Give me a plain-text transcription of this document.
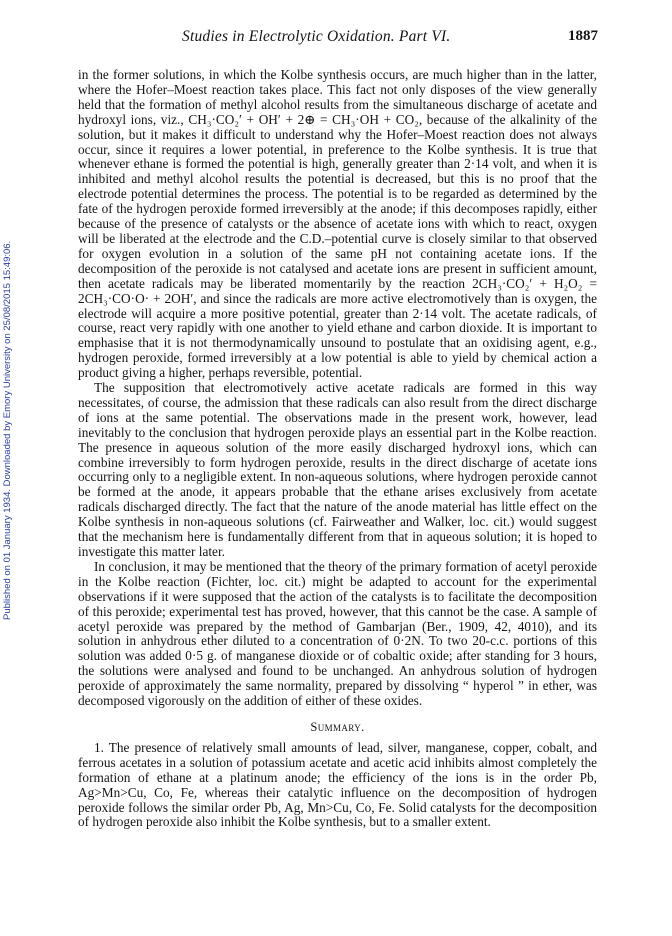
Studies in Electrolytic Oxidation. Part VI.	1887
Published on 01 January 1934. Downloaded by Emory University on 25/08/2015 15:49:06.

in the former solutions, in which the Kolbe synthesis occurs, are much higher than in the latter, where the Hofer–Moest reaction takes place. This fact not only disposes of the view generally held that the formation of methyl alcohol results from the simultaneous discharge of acetate and hydroxyl ions, viz., CH₃·CO₂′ + OH′ + 2⊕ = CH₃·OH + CO₂, because of the alkalinity of the solution, but it makes it difficult to understand why the Hofer–Moest reaction does not always occur, since it requires a lower potential, in preference to the Kolbe synthesis. It is true that whenever ethane is formed the potential is high, generally greater than 2·14 volt, and when it is inhibited and methyl alcohol results the potential is decreased, but this is no proof that the electrode potential determines the process. The potential is to be regarded as determined by the fate of the hydrogen peroxide formed irreversibly at the anode; if this decomposes rapidly, either because of the presence of catalysts or the absence of acetate ions with which to react, oxygen will be liberated at the electrode and the C.D.–potential curve is closely similar to that observed for oxygen evolution in a solution of the same pH not containing acetate ions. If the decomposition of the peroxide is not catalysed and acetate ions are present in sufficient amount, then acetate radicals may be liberated momentarily by the reaction 2CH₃·CO₂′ + H₂O₂ = 2CH₃·CO·O· + 2OH′, and since the radicals are more active electromotively than is oxygen, the electrode will acquire a more positive potential, greater than 2·14 volt. The acetate radicals, of course, react very rapidly with one another to yield ethane and carbon dioxide. It is important to emphasise that it is not thermodynamically unsound to postulate that an oxidising agent, e.g., hydrogen peroxide, formed irreversibly at a low potential is able to yield by chemical action a product giving a higher, perhaps reversible, potential.

The supposition that electromotively active acetate radicals are formed in this way necessitates, of course, the admission that these radicals can also result from the direct discharge of ions at the same potential. The observations made in the present work, however, lead inevitably to the conclusion that hydrogen peroxide plays an essential part in the Kolbe reaction. The presence in aqueous solution of the more easily discharged hydroxyl ions, which can combine irreversibly to form hydrogen peroxide, results in the direct discharge of acetate ions occurring only to a negligible extent. In non-aqueous solutions, where hydrogen peroxide cannot be formed at the anode, it appears probable that the ethane arises exclusively from acetate radicals discharged directly. The fact that the nature of the anode material has little effect on the Kolbe synthesis in non-aqueous solutions (cf. Fairweather and Walker, loc. cit.) would suggest that the mechanism here is fundamentally different from that in aqueous solution; it is hoped to investigate this matter later.

In conclusion, it may be mentioned that the theory of the primary formation of acetyl peroxide in the Kolbe reaction (Fichter, loc. cit.) might be adapted to account for the experimental observations if it were supposed that the action of the catalysts is to facilitate the decomposition of this peroxide; experimental test has proved, however, that this cannot be the case. A sample of acetyl peroxide was prepared by the method of Gambarjan (Ber., 1909, 42, 4010), and its solution in anhydrous ether diluted to a concentration of 0·2N. To two 20-c.c. portions of this solution was added 0·5 g. of manganese dioxide or of cobaltic oxide; after standing for 3 hours, the solutions were analysed and found to be unchanged. An anhydrous solution of hydrogen peroxide of approximately the same normality, prepared by dissolving “ hyperol ” in ether, was decomposed vigorously on the addition of either of these oxides.

Summary.

1. The presence of relatively small amounts of lead, silver, manganese, copper, cobalt, and ferrous acetates in a solution of potassium acetate and acetic acid inhibits almost completely the formation of ethane at a platinum anode; the efficiency of the ions is in the order Pb, Ag>Mn>Cu, Co, Fe, whereas their catalytic influence on the decomposition of hydrogen peroxide follows the similar order Pb, Ag, Mn>Cu, Co, Fe. Solid catalysts for the decomposition of hydrogen peroxide also inhibit the Kolbe synthesis, but to a smaller extent.
